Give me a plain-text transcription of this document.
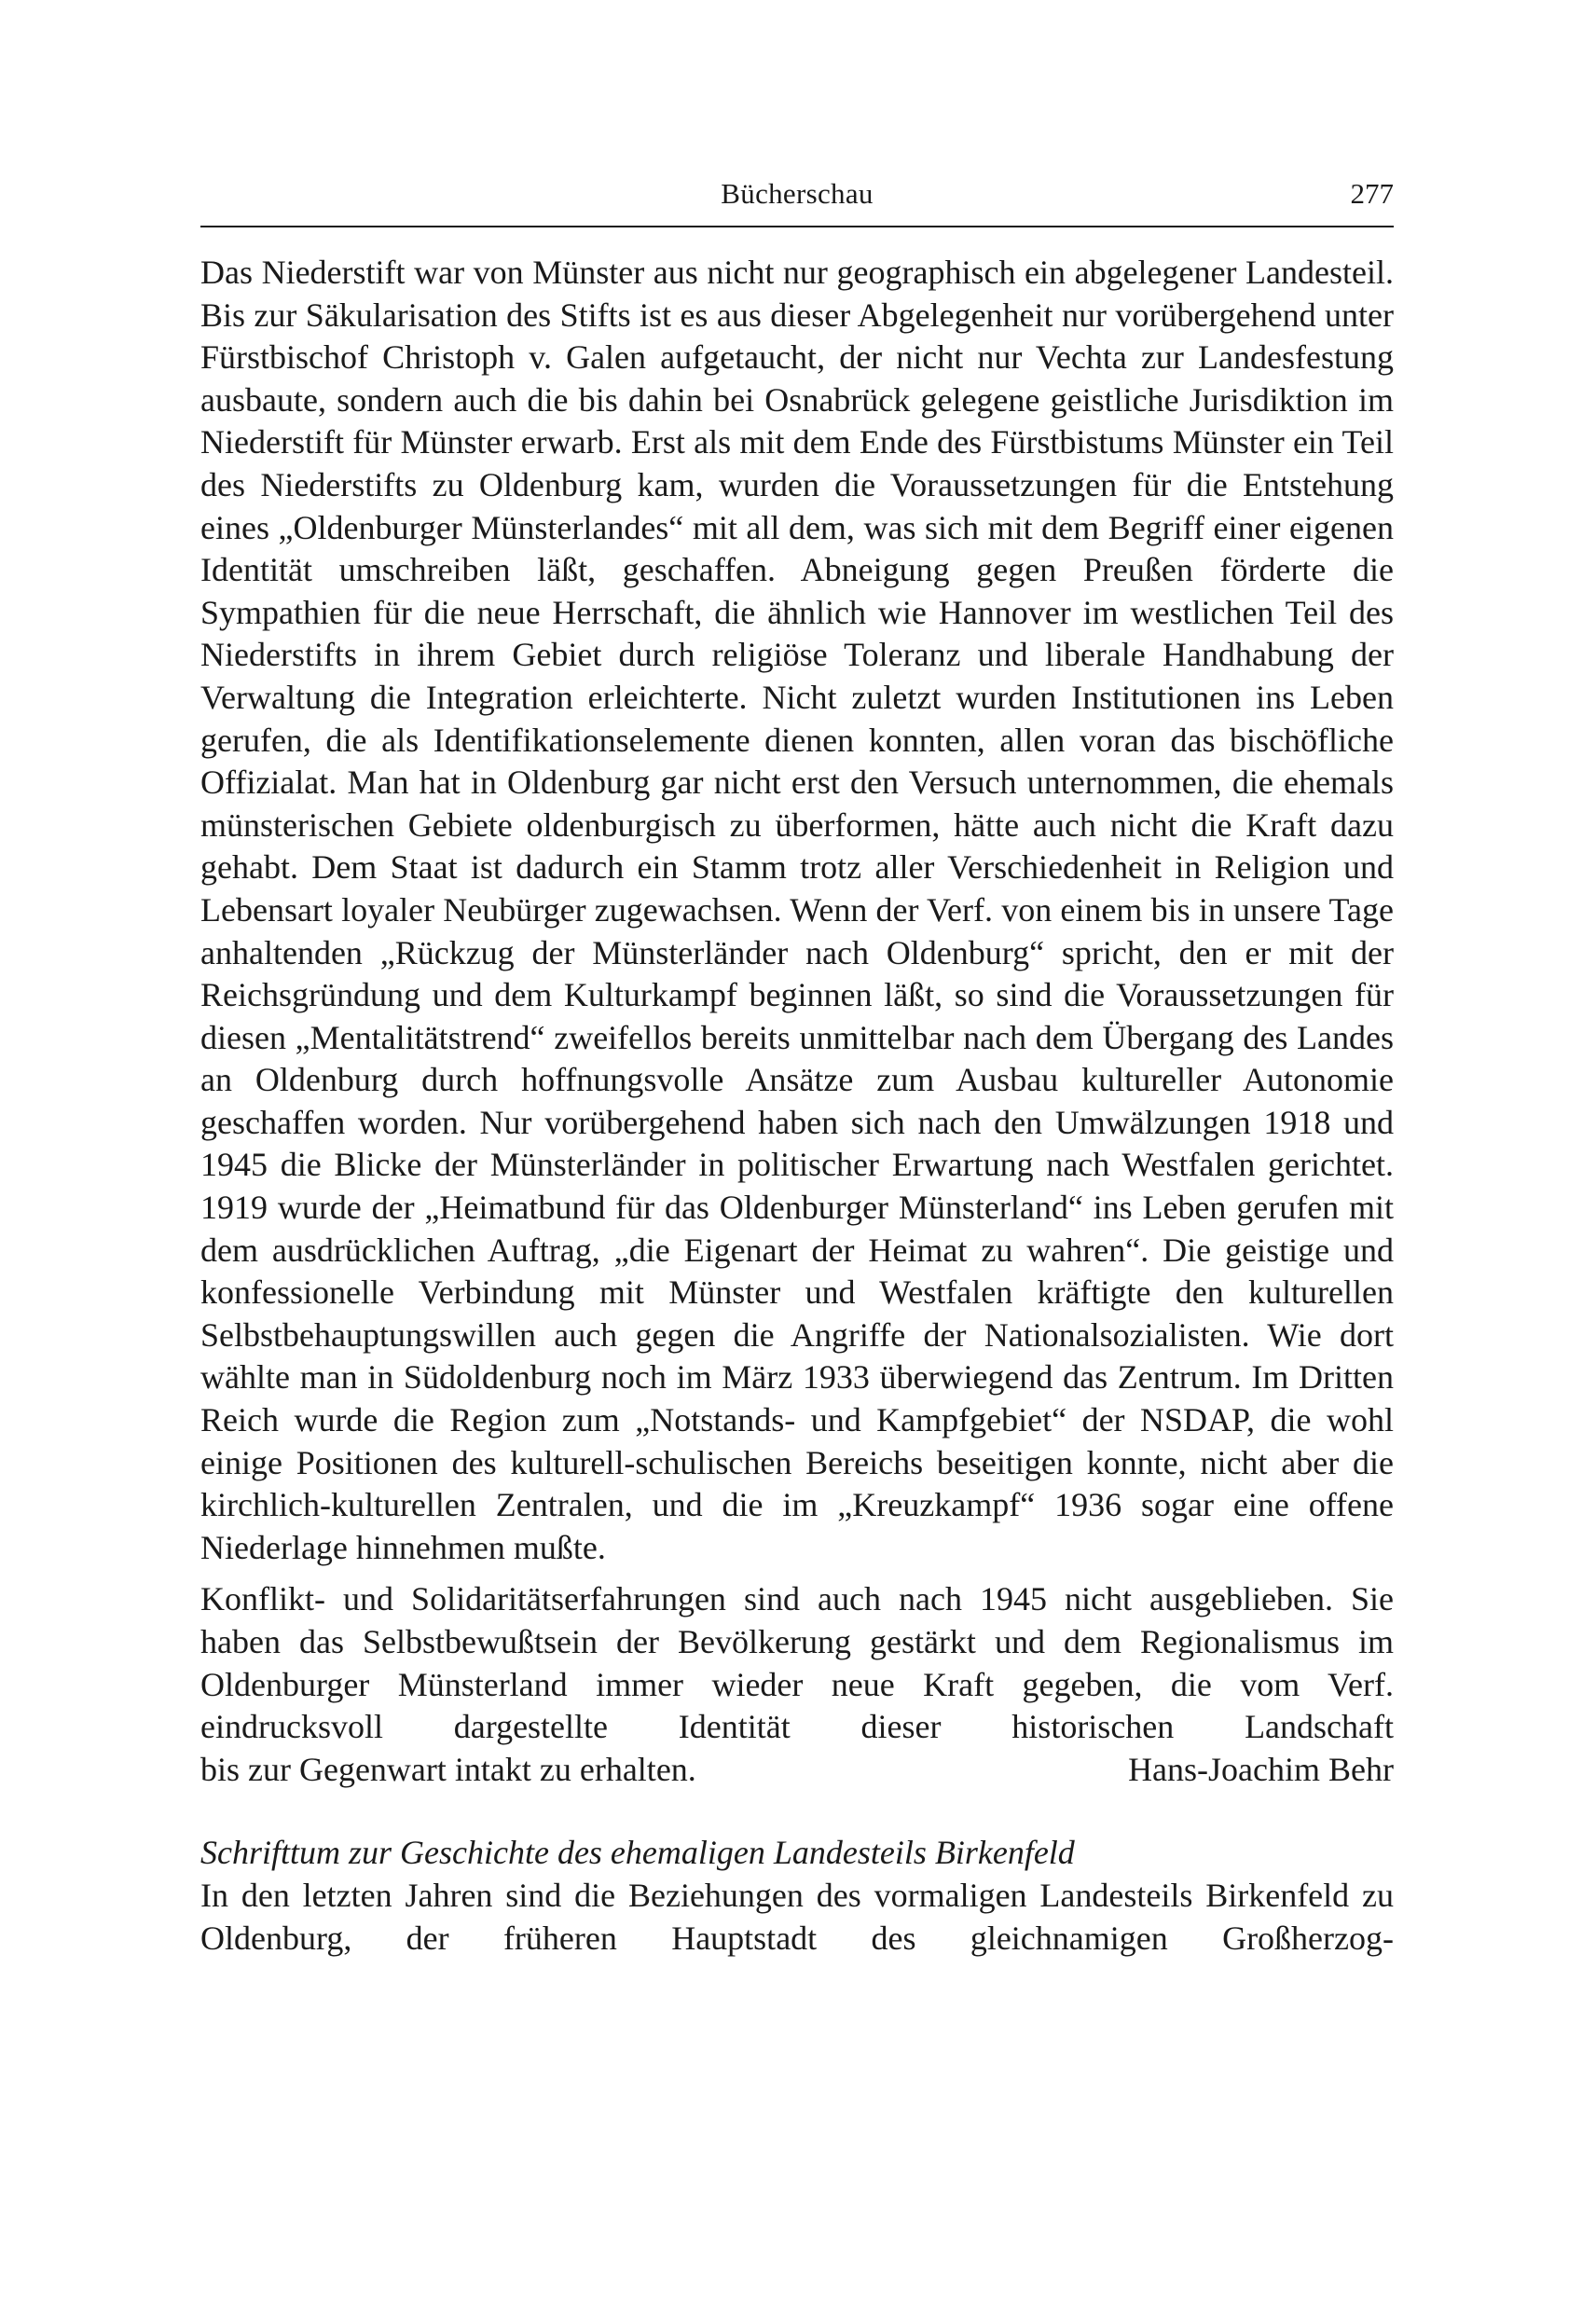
Bücherschau	277

Das Niederstift war von Münster aus nicht nur geographisch ein abgelegener Landesteil. Bis zur Säkularisation des Stifts ist es aus dieser Abgelegenheit nur vorübergehend unter Fürstbischof Christoph v. Galen aufgetaucht, der nicht nur Vechta zur Landesfestung ausbaute, sondern auch die bis dahin bei Osnabrück gelegene geistliche Jurisdiktion im Niederstift für Münster erwarb. Erst als mit dem Ende des Fürstbistums Münster ein Teil des Niederstifts zu Oldenburg kam, wurden die Voraussetzungen für die Entstehung eines „Oldenburger Münsterlandes“ mit all dem, was sich mit dem Begriff einer eigenen Identität umschreiben läßt, geschaffen. Abneigung gegen Preußen förderte die Sympathien für die neue Herrschaft, die ähnlich wie Hannover im westlichen Teil des Niederstifts in ihrem Gebiet durch religiöse Toleranz und liberale Handhabung der Verwaltung die Integration erleichterte. Nicht zuletzt wurden Institutionen ins Leben gerufen, die als Identifikationselemente dienen konnten, allen voran das bischöfliche Offizialat. Man hat in Oldenburg gar nicht erst den Versuch unternommen, die ehemals münsterischen Gebiete oldenburgisch zu überformen, hätte auch nicht die Kraft dazu gehabt. Dem Staat ist dadurch ein Stamm trotz aller Verschiedenheit in Religion und Lebensart loyaler Neubürger zugewachsen. Wenn der Verf. von einem bis in unsere Tage anhaltenden „Rückzug der Münsterländer nach Oldenburg“ spricht, den er mit der Reichsgründung und dem Kulturkampf beginnen läßt, so sind die Voraussetzungen für diesen „Mentalitätstrend“ zweifellos bereits unmittelbar nach dem Übergang des Landes an Oldenburg durch hoffnungsvolle Ansätze zum Ausbau kultureller Autonomie geschaffen worden. Nur vorübergehend haben sich nach den Umwälzungen 1918 und 1945 die Blicke der Münsterländer in politischer Erwartung nach Westfalen gerichtet. 1919 wurde der „Heimatbund für das Oldenburger Münsterland“ ins Leben gerufen mit dem ausdrücklichen Auftrag, „die Eigenart der Heimat zu wahren“. Die geistige und konfessionelle Verbindung mit Münster und Westfalen kräftigte den kulturellen Selbstbehauptungswillen auch gegen die Angriffe der Nationalsozialisten. Wie dort wählte man in Südoldenburg noch im März 1933 überwiegend das Zentrum. Im Dritten Reich wurde die Region zum „Notstands- und Kampfgebiet“ der NSDAP, die wohl einige Positionen des kulturell-schulischen Bereichs beseitigen konnte, nicht aber die kirchlich-kulturellen Zentralen, und die im „Kreuzkampf“ 1936 sogar eine offene Niederlage hinnehmen mußte.

Konflikt- und Solidaritätserfahrungen sind auch nach 1945 nicht ausgeblieben. Sie haben das Selbstbewußtsein der Bevölkerung gestärkt und dem Regionalismus im Oldenburger Münsterland immer wieder neue Kraft gegeben, die vom Verf. eindrucksvoll dargestellte Identität dieser historischen Landschaft

bis zur Gegenwart intakt zu erhalten.	Hans-Joachim Behr

Schrifttum zur Geschichte des ehemaligen Landesteils Birkenfeld

In den letzten Jahren sind die Beziehungen des vormaligen Landesteils Birkenfeld zu Oldenburg, der früheren Hauptstadt des gleichnamigen Großherzog-
